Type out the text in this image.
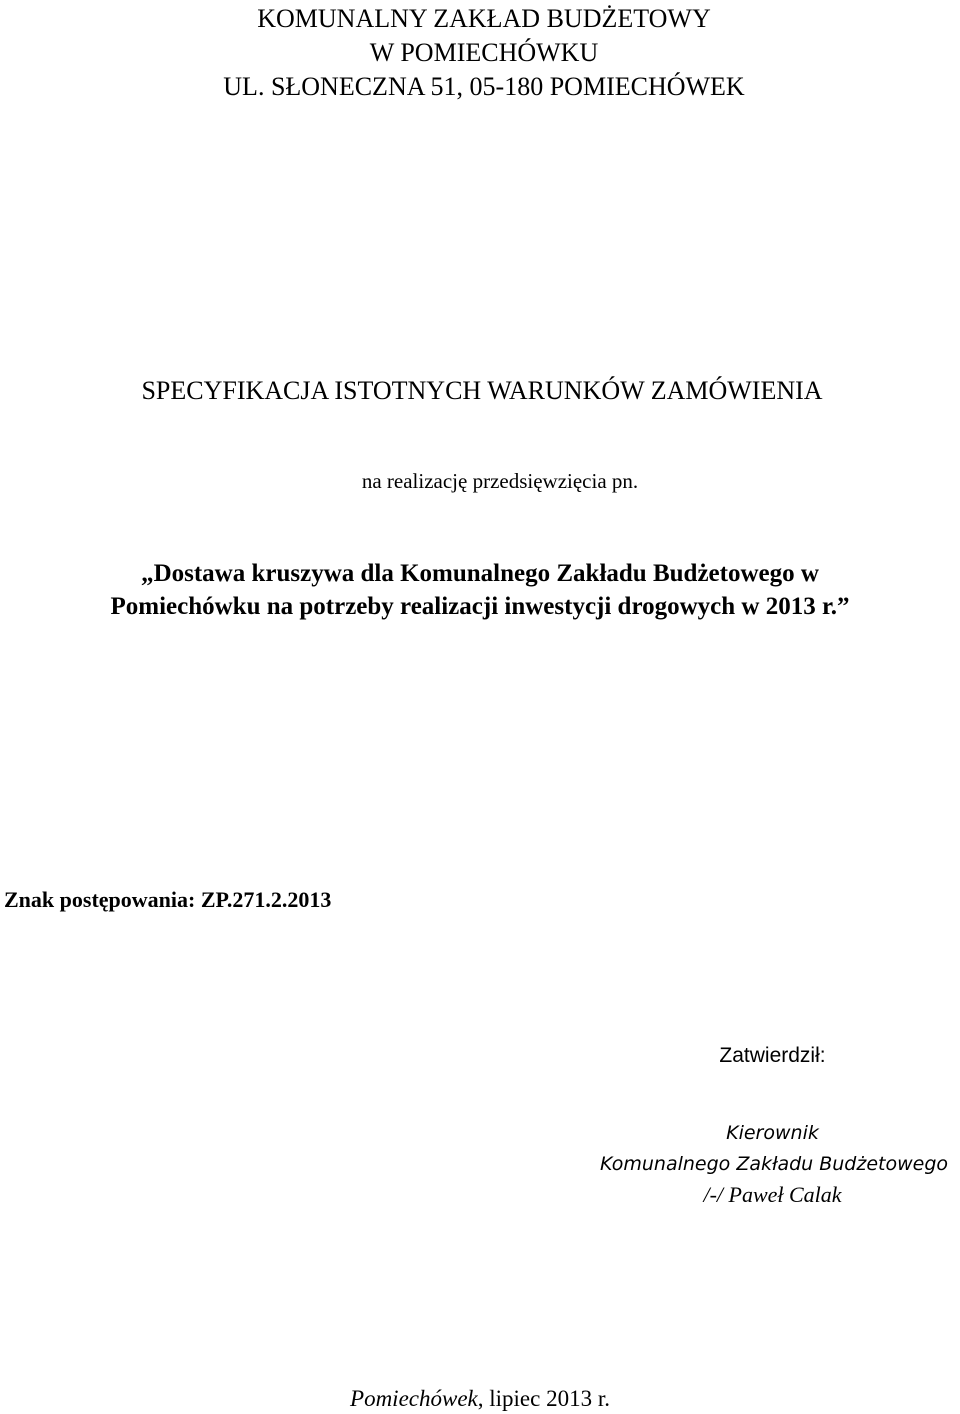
KOMUNALNY ZAKŁAD BUDŻETOWY
W POMIECHÓWKU
UL. SŁONECZNA 51, 05-180 POMIECHÓWEK
SPECYFIKACJA ISTOTNYCH WARUNKÓW ZAMÓWIENIA
na realizację przedsięwzięcia pn.
„Dostawa kruszywa dla Komunalnego Zakładu Budżetowego w
Pomiechówku na potrzeby realizacji inwestycji drogowych w 2013 r.”
Znak postępowania: ZP.271.2.2013
Zatwierdził:
Kierownik
Komunalnego Zakładu Budżetowego
/-/ Paweł Calak
Pomiechówek, lipiec 2013 r.
